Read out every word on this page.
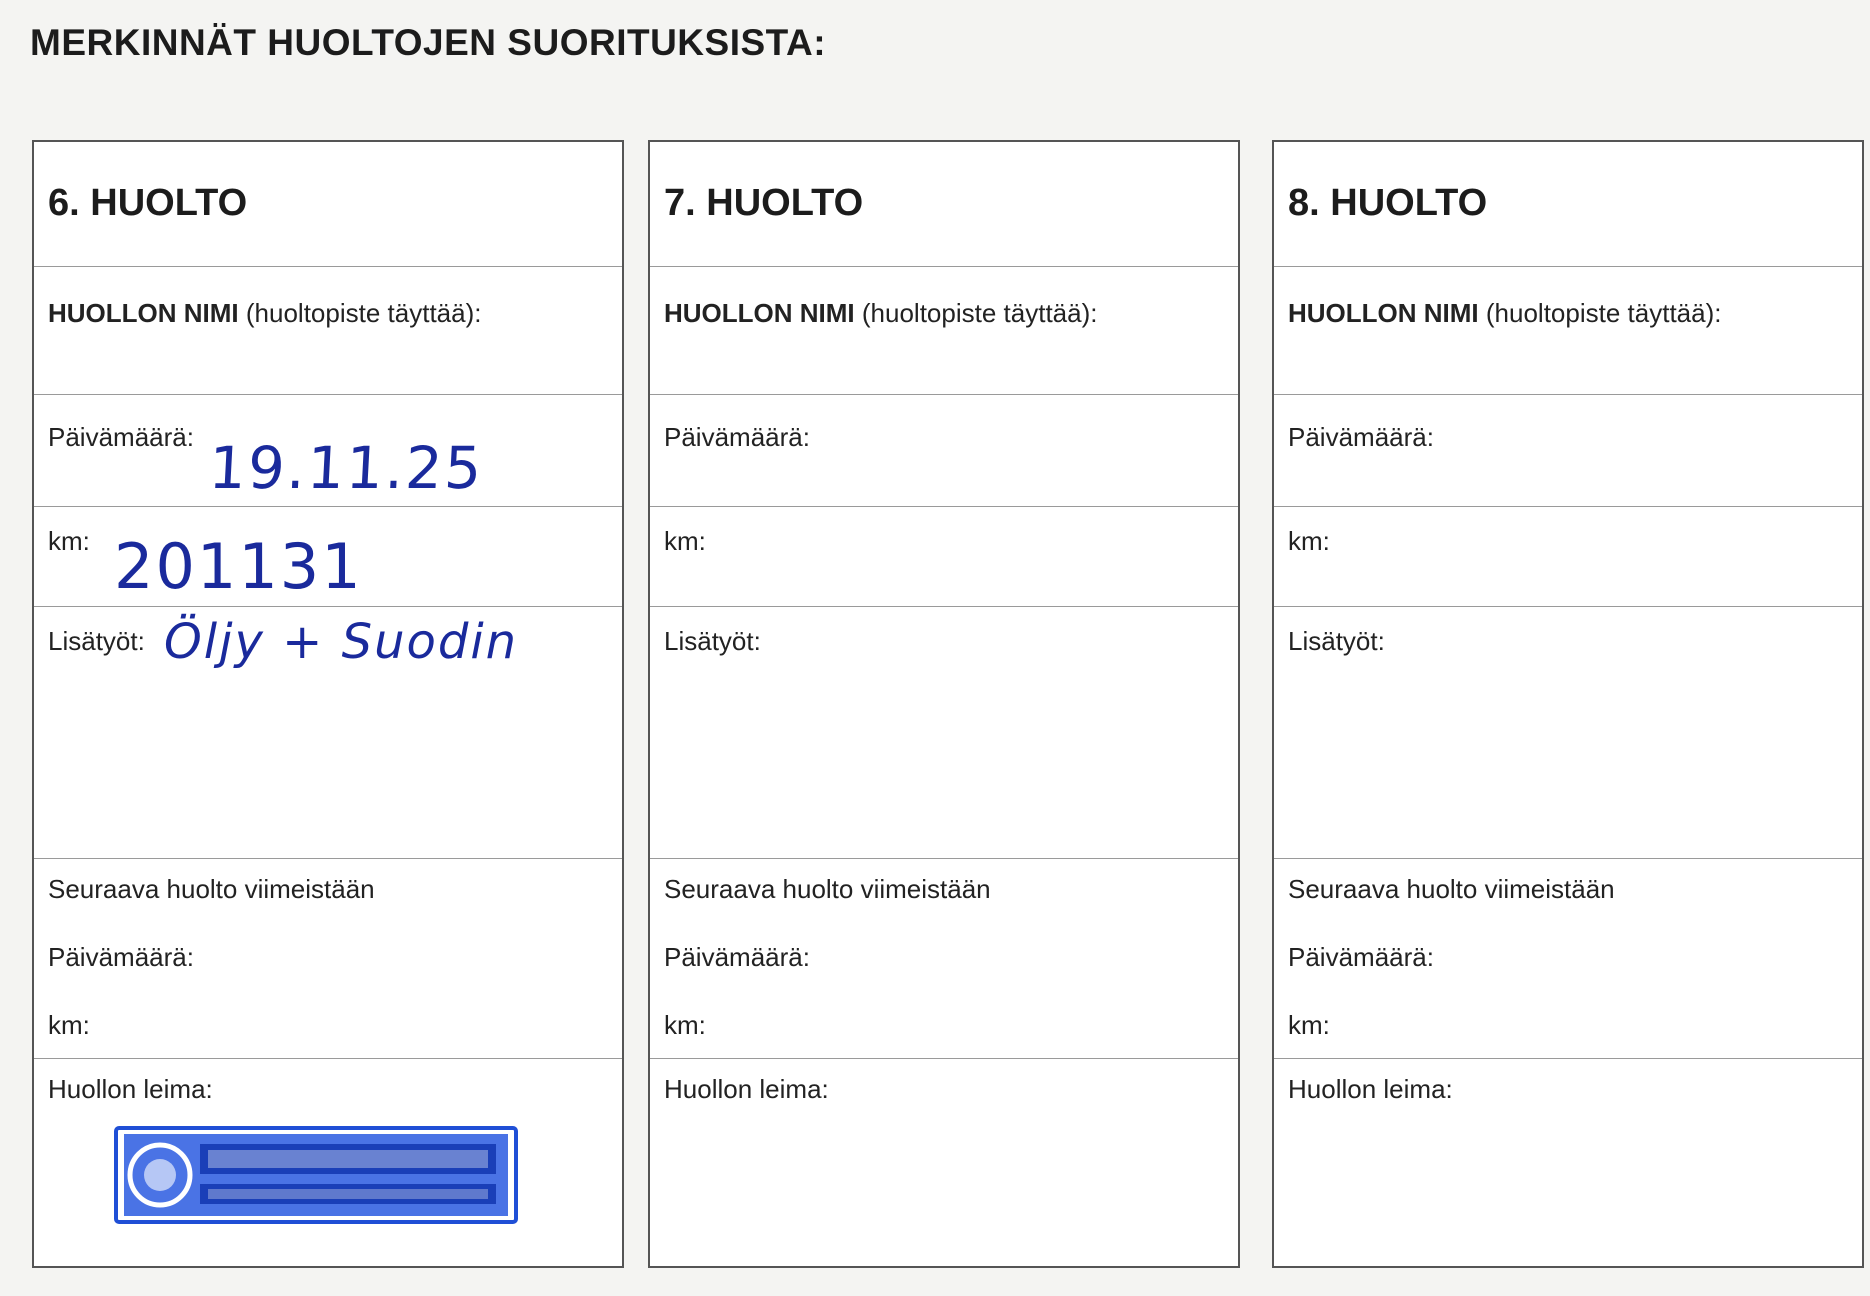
MERKINNÄT HUOLTOJEN SUORITUKSISTA:
6. HUOLTO
HUOLLON NIMI (huoltopiste täyttää):
Päivämäärä: 19.11.25
km: 201131
Lisätyöt: Öljy + Suodin
Seuraava huolto viimeistään
Päivämäärä:
km:
Huollon leima:
7. HUOLTO
HUOLLON NIMI (huoltopiste täyttää):
Päivämäärä:
km:
Lisätyöt:
Seuraava huolto viimeistään
Päivämäärä:
km:
Huollon leima:
8. HUOLTO
HUOLLON NIMI (huoltopiste täyttää):
Päivämäärä:
km:
Lisätyöt:
Seuraava huolto viimeistään
Päivämäärä:
km:
Huollon leima:
